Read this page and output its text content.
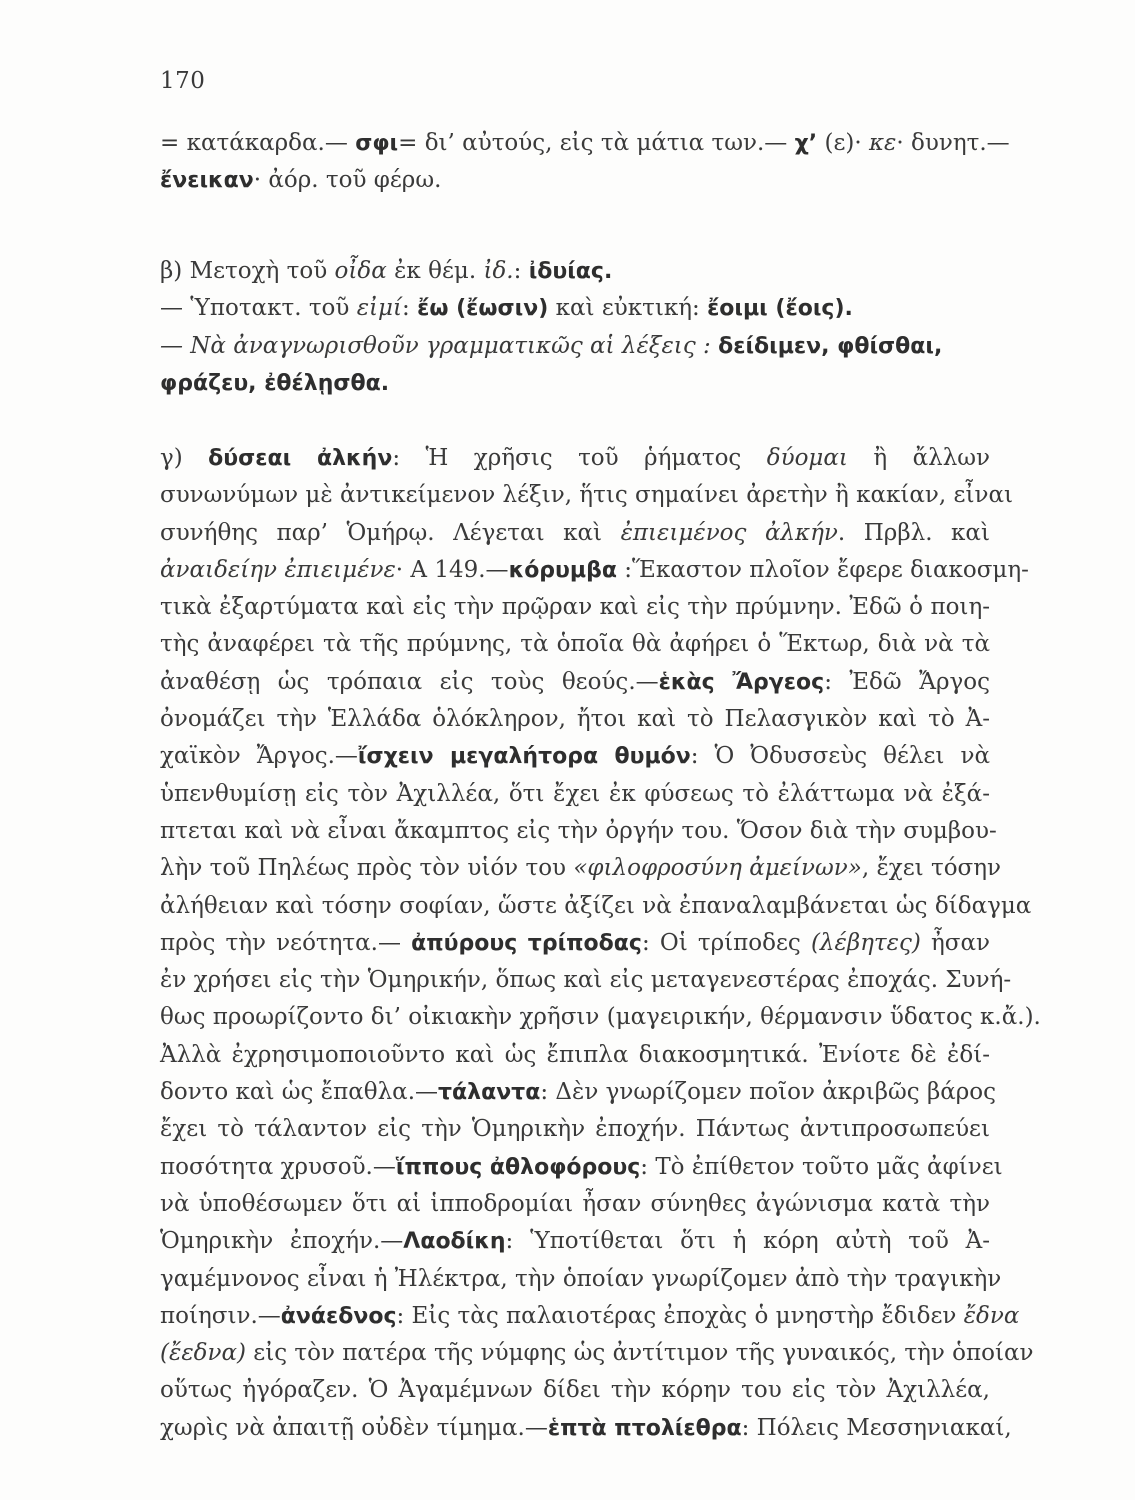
170
= κατάκαρδα.— σφι= δι’ αὐτούς, εἰς τὰ μάτια των.— χ’ (ε)· κε· δυνητ.—
ἔνεικαν· ἀόρ. τοῦ φέρω.
β) Μετοχὴ τοῦ οἶδα ἐκ θέμ. ἰδ.: ἰδυίας.
— Ὑποτακτ. τοῦ εἰμί: ἔω (ἔωσιν) καὶ εὐκτική: ἔοιμι (ἔοις).
— Νὰ ἀναγνωρισθοῦν γραμματικῶς αἱ λέξεις : δείδιμεν, φθίσθαι,
φράζευ, ἐθέλῃσθα.
γ) δύσεαι ἀλκήν: Ἡ χρῆσις τοῦ ῥήματος δύομαι ἢ ἄλλων
συνωνύμων μὲ ἀντικείμενον λέξιν, ἥτις σημαίνει ἀρετὴν ἢ κακίαν, εἶναι
συνήθης παρ’ Ὁμήρῳ. Λέγεται καὶ ἐπιειμένος ἀλκήν. Πρβλ. καὶ
ἀναιδείην ἐπιειμένε· Α 149.—κόρυμβα :Ἕκαστον πλοῖον ἔφερε διακοσμη-
τικὰ ἐξαρτύματα καὶ εἰς τὴν πρῷραν καὶ εἰς τὴν πρύμνην. Ἐδῶ ὁ ποιη-
τὴς ἀναφέρει τὰ τῆς πρύμνης, τὰ ὁποῖα θὰ ἀφήρει ὁ Ἕκτωρ, διὰ νὰ τὰ
ἀναθέσῃ ὡς τρόπαια εἰς τοὺς θεούς.—ἑκὰς Ἄργεος: Ἐδῶ Ἄργος
ὀνομάζει τὴν Ἑλλάδα ὁλόκληρον, ἤτοι καὶ τὸ Πελασγικὸν καὶ τὸ Ἀ-
χαϊκὸν Ἄργος.—ἴσχειν μεγαλήτορα θυμόν: Ὁ Ὀδυσσεὺς θέλει νὰ
ὑπενθυμίσῃ εἰς τὸν Ἀχιλλέα, ὅτι ἔχει ἐκ φύσεως τὸ ἐλάττωμα νὰ ἐξά-
πτεται καὶ νὰ εἶναι ἄκαμπτος εἰς τὴν ὀργήν του. Ὅσον διὰ τὴν συμβου-
λὴν τοῦ Πηλέως πρὸς τὸν υἱόν του «φιλοφροσύνη ἀμείνων», ἔχει τόσην
ἀλήθειαν καὶ τόσην σοφίαν, ὥστε ἀξίζει νὰ ἐπαναλαμβάνεται ὡς δίδαγμα
πρὸς τὴν νεότητα.— ἀπύρους τρίποδας: Οἱ τρίποδες (λέβητες) ἦσαν
ἐν χρήσει εἰς τὴν Ὁμηρικήν, ὅπως καὶ εἰς μεταγενεστέρας ἐποχάς. Συνή-
θως προωρίζοντο δι’ οἰκιακὴν χρῆσιν (μαγειρικήν, θέρμανσιν ὕδατος κ.ἄ.).
Ἀλλὰ ἐχρησιμοποιοῦντο καὶ ὡς ἔπιπλα διακοσμητικά. Ἐνίοτε δὲ ἐδί-
δοντο καὶ ὡς ἔπαθλα.—τάλαντα: Δὲν γνωρίζομεν ποῖον ἀκριβῶς βάρος
ἔχει τὸ τάλαντον εἰς τὴν Ὁμηρικὴν ἐποχήν. Πάντως ἀντιπροσωπεύει
ποσότητα χρυσοῦ.—ἵππους ἀθλοφόρους: Τὸ ἐπίθετον τοῦτο μᾶς ἀφίνει
νὰ ὑποθέσωμεν ὅτι αἱ ἱπποδρομίαι ἦσαν σύνηθες ἀγώνισμα κατὰ τὴν
Ὁμηρικὴν ἐποχήν.—Λαοδίκη: Ὑποτίθεται ὅτι ἡ κόρη αὐτὴ τοῦ Ἀ-
γαμέμνονος εἶναι ἡ Ἠλέκτρα, τὴν ὁποίαν γνωρίζομεν ἀπὸ τὴν τραγικὴν
ποίησιν.—ἀνάεδνος: Εἰς τὰς παλαιοτέρας ἐποχὰς ὁ μνηστὴρ ἔδιδεν ἔδνα
(ἔεδνα) εἰς τὸν πατέρα τῆς νύμφης ὡς ἀντίτιμον τῆς γυναικός, τὴν ὁποίαν
οὕτως ἠγόραζεν. Ὁ Ἀγαμέμνων δίδει τὴν κόρην του εἰς τὸν Ἀχιλλέα,
χωρὶς νὰ ἀπαιτῇ οὐδὲν τίμημα.—ἑπτὰ πτολίεθρα: Πόλεις Μεσσηνιακαί,
